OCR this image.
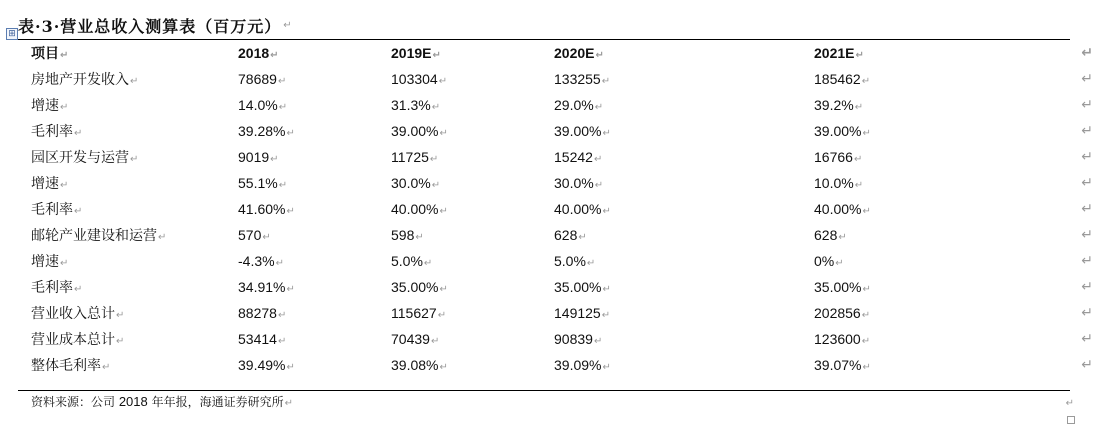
⊞ 表·3·营业总收入测算表（百万元） ↵
项目↵	2018↵	2019E↵	2020E↵	2021E↵	↵
房地产开发收入↵	78689↵	103304↵	133255↵	185462↵	↵
增速↵	14.0%↵	31.3%↵	29.0%↵	39.2%↵	↵
毛利率↵	39.28%↵	39.00%↵	39.00%↵	39.00%↵	↵
园区开发与运营↵	9019↵	11725↵	15242↵	16766↵	↵
增速↵	55.1%↵	30.0%↵	30.0%↵	10.0%↵	↵
毛利率↵	41.60%↵	40.00%↵	40.00%↵	40.00%↵	↵
邮轮产业建设和运营↵	570↵	598↵	628↵	628↵	↵
增速↵	-4.3%↵	5.0%↵	5.0%↵	0%↵	↵
毛利率↵	34.91%↵	35.00%↵	35.00%↵	35.00%↵	↵
营业收入总计↵	88278↵	115627↵	149125↵	202856↵	↵
营业成本总计↵	53414↵	70439↵	90839↵	123600↵	↵
整体毛利率↵	39.49%↵	39.08%↵	39.09%↵	39.07%↵	↵
资料来源：公司 2018 年年报，海通证券研究所↵	↵
